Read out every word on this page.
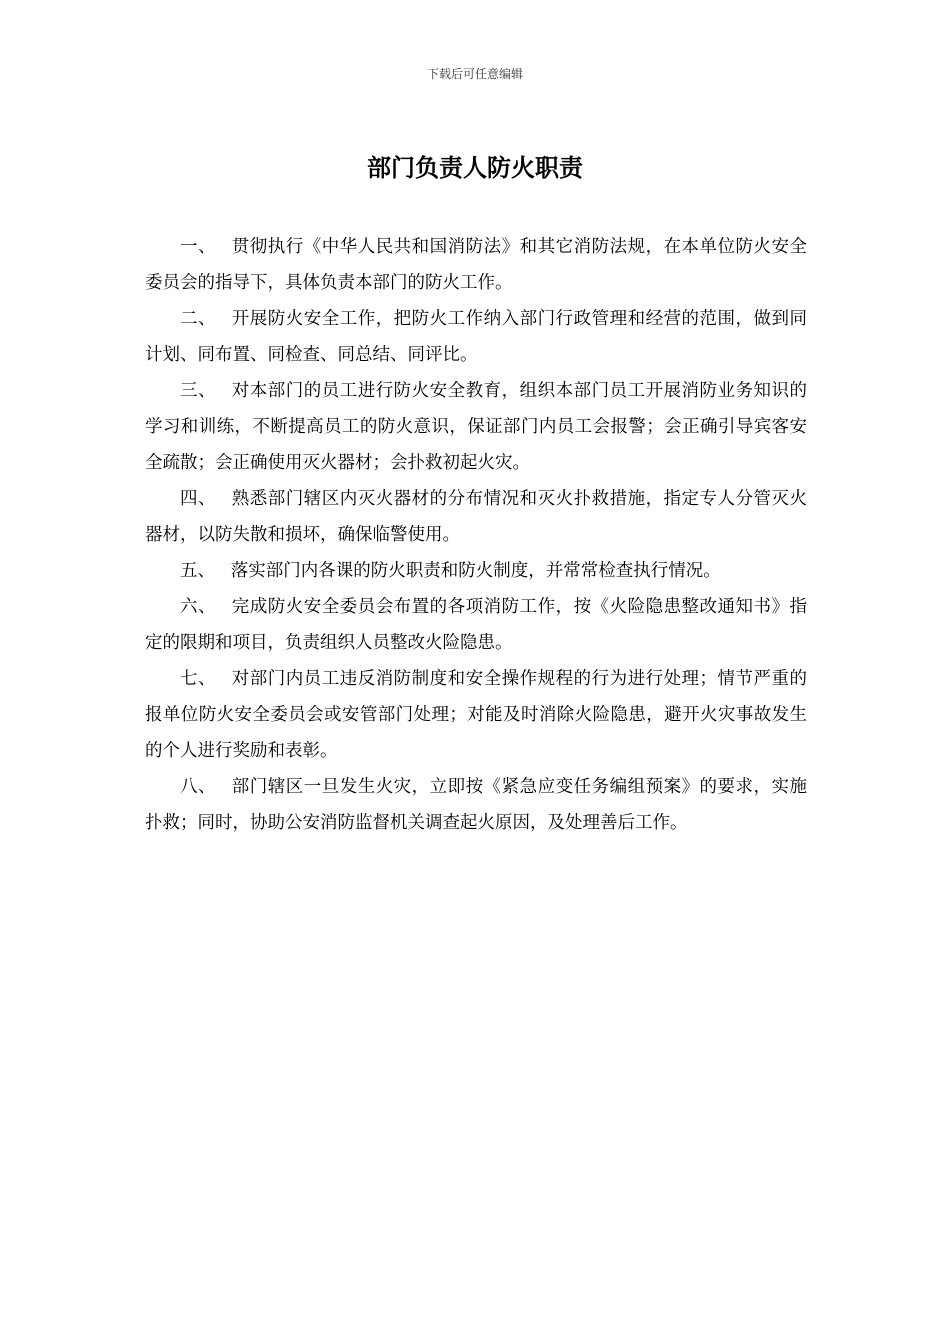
下载后可任意编辑
部门负责人防火职责

一、 贯彻执行《中华人民共和国消防法》和其它消防法规，在本单位防火安全委员会的指导下，具体负责本部门的防火工作。

二、 开展防火安全工作，把防火工作纳入部门行政管理和经营的范围，做到同计划、同布置、同检查、同总结、同评比。

三、 对本部门的员工进行防火安全教育，组织本部门员工开展消防业务知识的学习和训练，不断提高员工的防火意识，保证部门内员工会报警；会正确引导宾客安全疏散；会正确使用灭火器材；会扑救初起火灾。

四、 熟悉部门辖区内灭火器材的分布情况和灭火扑救措施，指定专人分管灭火器材，以防失散和损坏，确保临警使用。

五、 落实部门内各课的防火职责和防火制度，并常常检查执行情况。

六、 完成防火安全委员会布置的各项消防工作，按《火险隐患整改通知书》指定的限期和项目，负责组织人员整改火险隐患。

七、 对部门内员工违反消防制度和安全操作规程的行为进行处理；情节严重的报单位防火安全委员会或安管部门处理；对能及时消除火险隐患，避开火灾事故发生的个人进行奖励和表彰。

八、 部门辖区一旦发生火灾，立即按《紧急应变任务编组预案》的要求，实施扑救；同时，协助公安消防监督机关调查起火原因，及处理善后工作。
